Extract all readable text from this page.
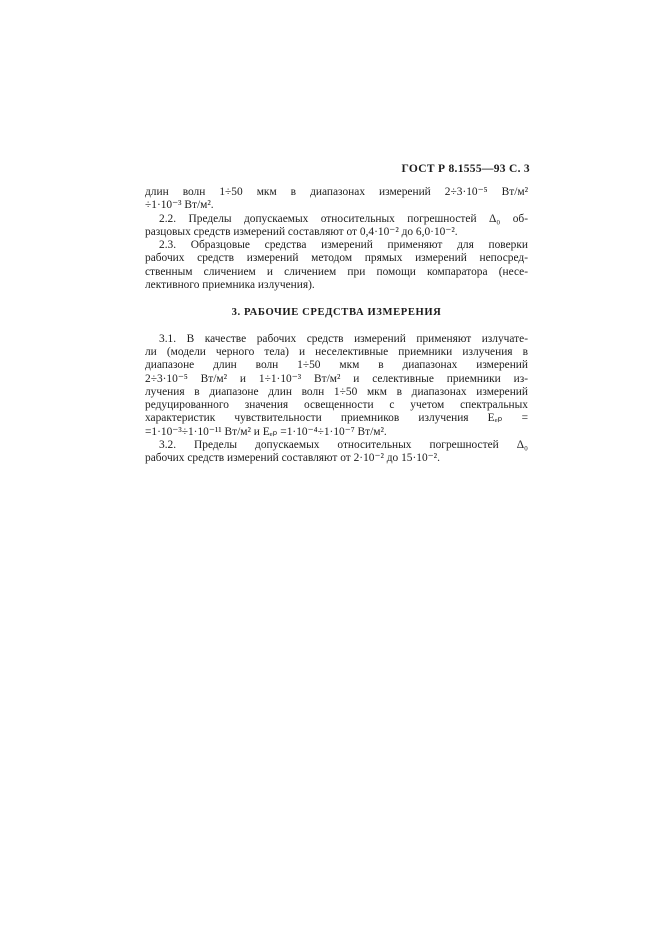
ГОСТ Р 8.1555—93 С. 3
длин волн 1÷50 мкм в диапазонах измерений 2÷3·10⁻⁵ Вт/м²
÷1·10⁻³ Вт/м².
2.2. Пределы допускаемых относительных погрешностей Δ₀ об-
разцовых средств измерений составляют от 0,4·10⁻² до 6,0·10⁻².
2.3. Образцовые средства измерений применяют для поверки
рабочих средств измерений методом прямых измерений непосред-
ственным сличением и сличением при помощи компаратора (несе-
лективного приемника излучения).
3. РАБОЧИЕ СРЕДСТВА ИЗМЕРЕНИЯ
3.1. В качестве рабочих средств измерений применяют излучате-
ли (модели черного тела) и неселективные приемники излучения в
диапазоне длин волн 1÷50 мкм в диапазонах измерений
2÷3·10⁻⁵ Вт/м² и 1÷1·10⁻³ Вт/м² и селективные приемники из-
лучения в диапазоне длин волн 1÷50 мкм в диапазонах измерений
редуцированного значения освещенности с учетом спектральных
характеристик чувствительности приемников излучения Eₑₚ =
=1·10⁻³÷1·10⁻¹¹ Вт/м² и Eₑₚ =1·10⁻⁴÷1·10⁻⁷ Вт/м².
3.2. Пределы допускаемых относительных погрешностей Δ₀
рабочих средств измерений составляют от 2·10⁻² до 15·10⁻².
